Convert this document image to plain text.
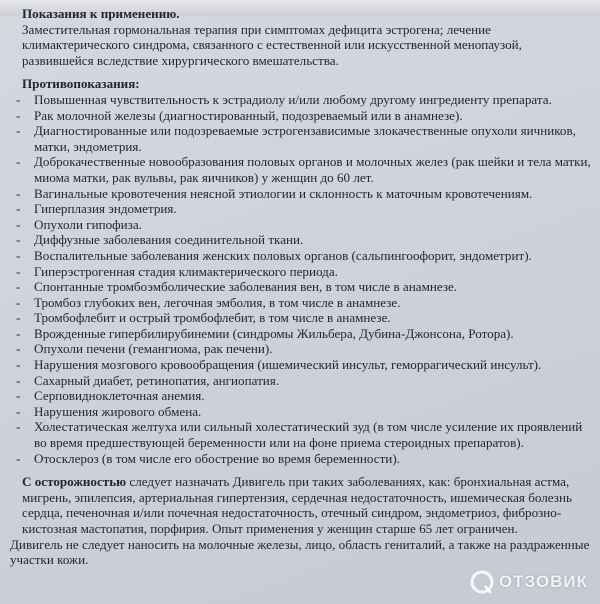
Показания к применению.

Заместительная гормональная терапия при симптомах дефицита эстрогена; лечение климактерического синдрома, связанного с естественной или искусственной менопаузой, развившейся вследствие хирургического вмешательства.

Противопоказания:
- Повышенная чувствительность к эстрадиолу и/или любому другому ингредиенту препарата.
- Рак молочной железы (диагностированный, подозреваемый или в анамнезе).
- Диагностированные или подозреваемые эстрогензависимые злокачественные опухоли яичников, матки, эндометрия.
- Доброкачественные новообразования половых органов и молочных желез (рак шейки и тела матки, миома матки, рак вульвы, рак яичников) у женщин до 60 лет.
- Вагинальные кровотечения неясной этиологии и склонность к маточным кровотечениям.
- Гиперплазия эндометрия.
- Опухоли гипофиза.
- Диффузные заболевания соединительной ткани.
- Воспалительные заболевания женских половых органов (сальпингоофорит, эндометрит).
- Гиперэстрогенная стадия климактерического периода.
- Спонтанные тромбоэмболические заболевания вен, в том числе в анамнезе.
- Тромбоз глубоких вен, легочная эмболия, в том числе в анамнезе.
- Тромбофлебит и острый тромбофлебит, в том числе в анамнезе.
- Врожденные гипербилирубинемии (синдромы Жильбера, Дубина-Джонсона, Ротора).
- Опухоли печени (гемангиома, рак печени).
- Нарушения мозгового кровообращения (ишемический инсульт, геморрагический инсульт).
- Сахарный диабет, ретинопатия, ангиопатия.
- Серповидноклеточная анемия.
- Нарушения жирового обмена.
- Холестатическая желтуха или сильный холестатический зуд (в том числе усиление их проявлений во время предшествующей беременности или на фоне приема стероидных препаратов).
- Отосклероз (в том числе его обострение во время беременности).

С осторожностью следует назначать Дивигель при таких заболеваниях, как: бронхиальная астма, мигрень, эпилепсия, артериальная гипертензия, сердечная недостаточность, ишемическая болезнь сердца, печеночная и/или почечная недостаточность, отечный синдром, эндометриоз, фиброзно-кистозная мастопатия, порфирия. Опыт применения у женщин старше 65 лет ограничен.

Дивигель не следует наносить на молочные железы, лицо, область гениталий, а также на раздраженные участки кожи.

ОТЗОВИК
